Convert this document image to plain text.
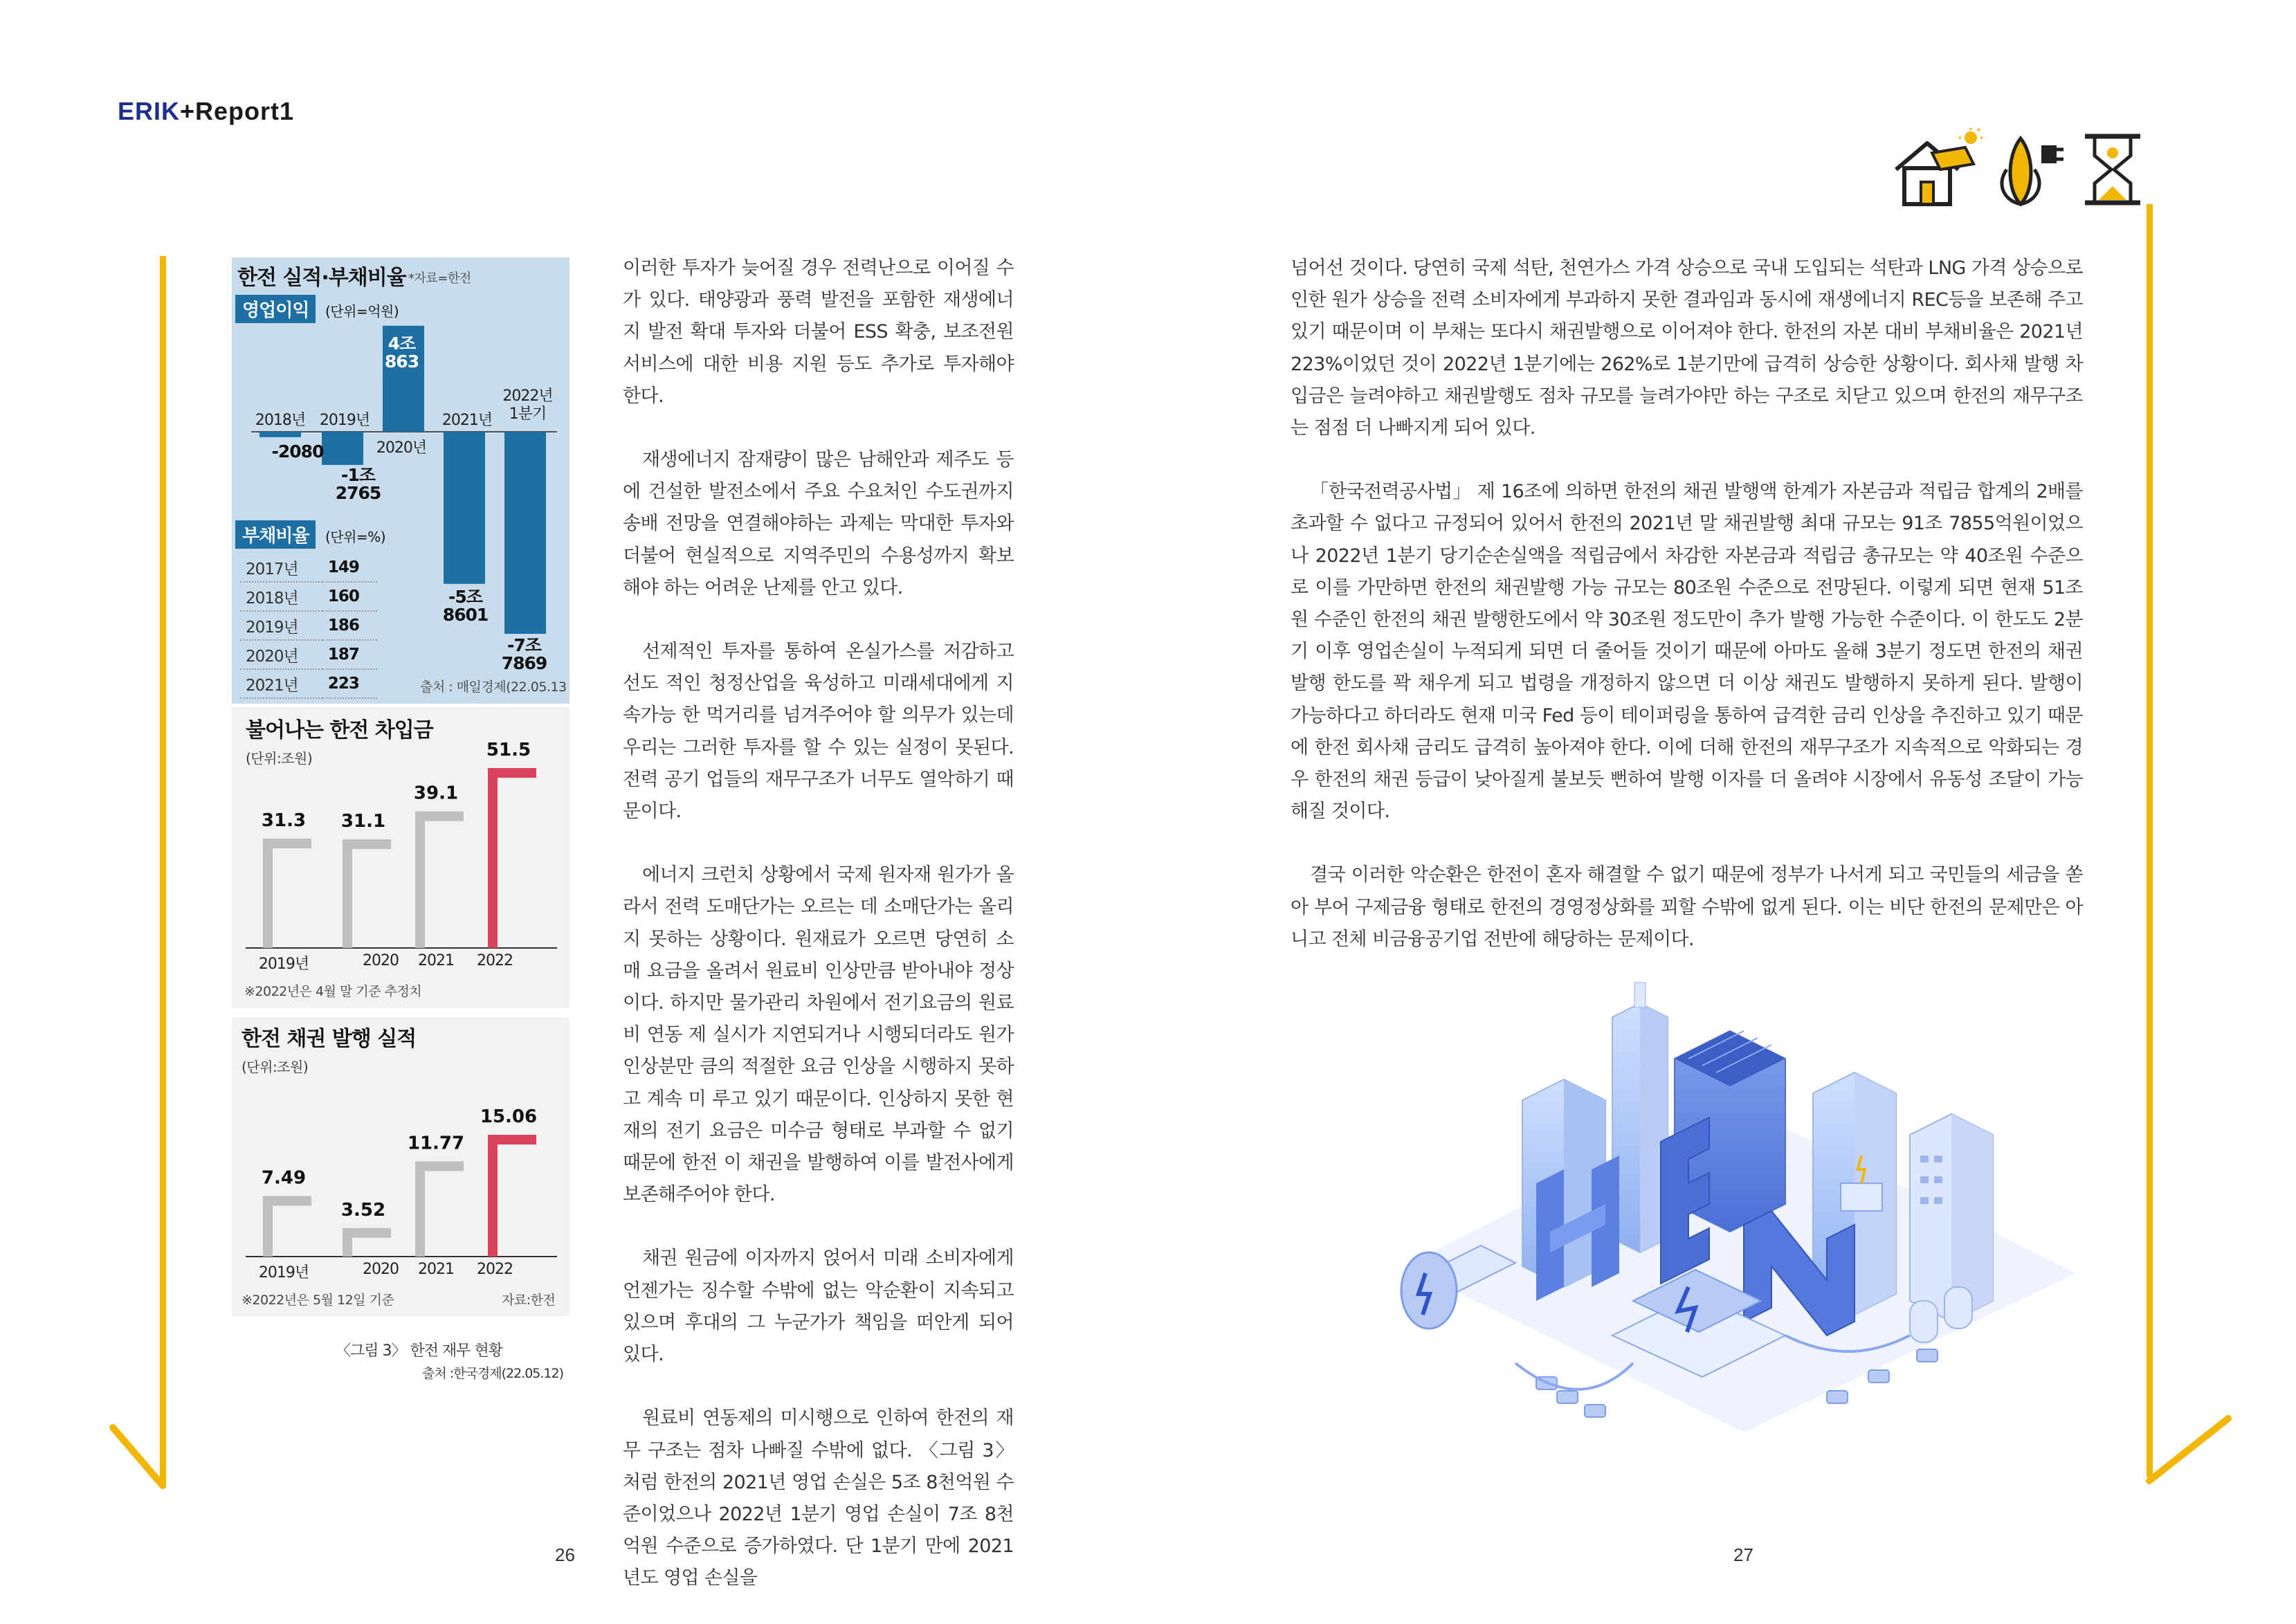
ERIK+Report1
한전 실적·부채비율 *자료=한전
영업이익	(단위=억원)
-2080
-1조
2765
4조
863
-5조
8601
-7조
7869
2018년 2019년
2020년
2021년
2022년
1분기
부채비율	(단위=%)
2017년	149
2018년	160
2019년	186
2020년	187
2021년	223	출처 : 매일경제(22.05.13
불어나는 한전 차입금
(단위:조원)
31.3 31.1
39.1
51.5
2019년	2020	2021	2022
※2022년은 4월 말 기준 추정치
한전 채권 발행 실적
(단위:조원)
7.49
3.52
11.77
15.06
2019년	2020	2021	2022
※2022년은 5월 12일 기준	자료:한전
〈그림 3〉 한전 재무 현황
출처 :한국경제(22.05.12)

이러한 투자가 늦어질 경우 전력난으로 이어질 수 가 있다. 태양광과 풍력 발전을 포함한 재생에너지 발전 확대 투자와 더불어 ESS 확충, 보조전원 서비스에 대한 비용 지원 등도 추가로 투자해야 한다.

재생에너지 잠재량이 많은 남해안과 제주도 등에 건설한 발전소에서 주요 수요처인 수도권까지 송배 전망을 연결해야하는 과제는 막대한 투자와 더불어 현실적으로 지역주민의 수용성까지 확보해야 하는 어려운 난제를 안고 있다.

선제적인 투자를 통하여 온실가스를 저감하고 선도 적인 청정산업을 육성하고 미래세대에게 지속가능 한 먹거리를 넘겨주어야 할 의무가 있는데 우리는 그러한 투자를 할 수 있는 실정이 못된다. 전력 공기 업들의 재무구조가 너무도 열악하기 때문이다.

에너지 크런치 상황에서 국제 원자재 원가가 올 라서 전력 도매단가는 오르는 데 소매단가는 올리지 못하는 상황이다. 원재료가 오르면 당연히 소매 요금을 올려서 원료비 인상만큼 받아내야 정상이다. 하지만 물가관리 차원에서 전기요금의 원료비 연동 제 실시가 지연되거나 시행되더라도 원가 인상분만 큼의 적절한 요금 인상을 시행하지 못하고 계속 미 루고 있기 때문이다. 인상하지 못한 현재의 전기 요금은 미수금 형태로 부과할 수 없기 때문에 한전 이 채권을 발행하여 이를 발전사에게 보존해주어야 한다.

채권 원금에 이자까지 얹어서 미래 소비자에게 언젠가는 징수할 수밖에 없는 악순환이 지속되고 있으며 후대의 그 누군가가 책임을 떠안게 되어 있다.

원료비 연동제의 미시행으로 인하여 한전의 재무 구조는 점차 나빠질 수밖에 없다. 〈그림 3〉처럼 한전의 2021년 영업 손실은 5조 8천억원 수준이었으나 2022년 1분기 영업 손실이 7조 8천억원 수준으로 증가하였다. 단 1분기 만에 2021년도 영업 손실을

넘어선 것이다. 당연히 국제 석탄, 천연가스 가격 상승으로 국내 도입되는 석탄과 LNG 가격 상승으로 인한 원가 상승을 전력 소비자에게 부과하지 못한 결과임과 동시에 재생에너지 REC등을 보존해 주고 있기 때문이며 이 부채는 또다시 채권발행으로 이어져야 한다. 한전의 자본 대비 부채비율은 2021년 223%이었던 것이 2022년 1분기에는 262%로 1분기만에 급격히 상승한 상황이다. 회사채 발행 차입금은 늘려야하고 채권발행도 점차 규모를 늘려가야만 하는 구조로 치닫고 있으며 한전의 재무구조는 점점 더 나빠지게 되어 있다.

「한국전력공사법」 제 16조에 의하면 한전의 채권 발행액 한계가 자본금과 적립금 합계의 2배를 초과할 수 없다고 규정되어 있어서 한전의 2021년 말 채권발행 최대 규모는 91조 7855억원이었으나 2022년 1분기 당기순손실액을 적립금에서 차감한 자본금과 적립금 총규모는 약 40조원 수준으로 이를 가만하면 한전의 채권발행 가능 규모는 80조원 수준으로 전망된다. 이렇게 되면 현재 51조원 수준인 한전의 채권 발행한도에서 약 30조원 정도만이 추가 발행 가능한 수준이다. 이 한도도 2분기 이후 영업손실이 누적되게 되면 더 줄어들 것이기 때문에 아마도 올해 3분기 정도면 한전의 채권발행 한도를 꽉 채우게 되고 법령을 개정하지 않으면 더 이상 채권도 발행하지 못하게 된다. 발행이 가능하다고 하더라도 현재 미국 Fed 등이 테이퍼링을 통하여 급격한 금리 인상을 추진하고 있기 때문에 한전 회사채 금리도 급격히 높아져야 한다. 이에 더해 한전의 재무구조가 지속적으로 악화되는 경우 한전의 채권 등급이 낮아질게 불보듯 뻔하여 발행 이자를 더 올려야 시장에서 유동성 조달이 가능해질 것이다.

결국 이러한 악순환은 한전이 혼자 해결할 수 없기 때문에 정부가 나서게 되고 국민들의 세금을 쏟아 부어 구제금융 형태로 한전의 경영정상화를 꾀할 수밖에 없게 된다. 이는 비단 한전의 문제만은 아니고 전체 비금융공기업 전반에 해당하는 문제이다.

26	27
